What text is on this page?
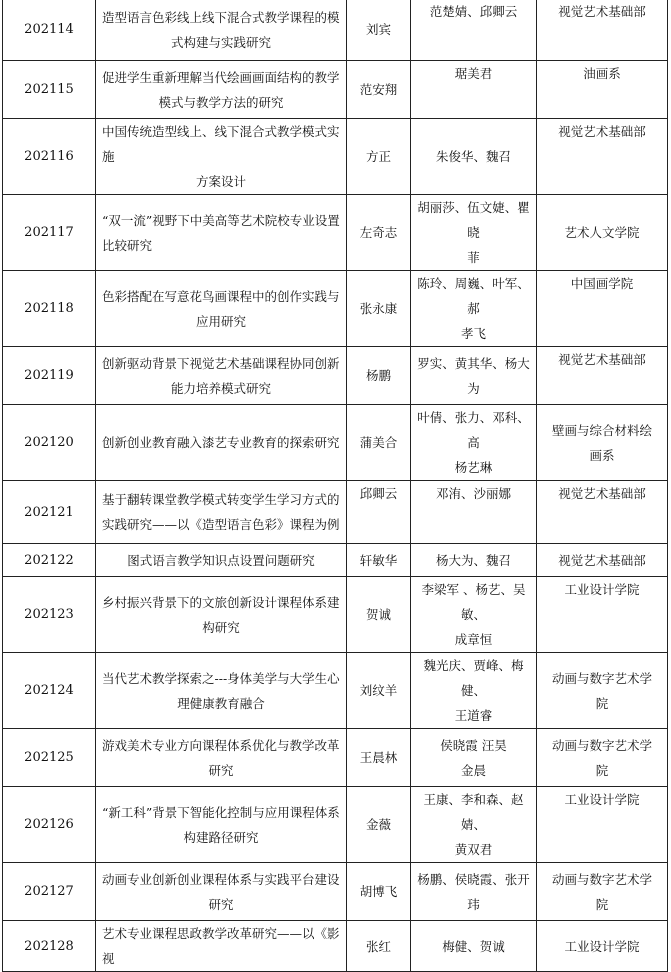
202114	造型语言色彩线上线下混合式教学课程的模
式构建与实践研究	刘宾	范楚婧、邱卿云	视觉艺术基础部

202115	促进学生重新理解当代绘画画面结构的教学
模式与教学方法的研究	范安翔	琚美君	油画系

202116	中国传统造型线上、线下混合式教学模式实施
方案设计	方正	朱俊华、魏召	视觉艺术基础部

202117	“双一流”视野下中美高等艺术院校专业设置
比较研究	左奇志	胡丽莎、伍文婕、瞿晓
菲	艺术人文学院

202118	色彩搭配在写意花鸟画课程中的创作实践与
应用研究	张永康	陈玲、周巍、叶军、郝
孝飞	中国画学院

202119	创新驱动背景下视觉艺术基础课程协同创新
能力培养模式研究	杨鹏	罗实、黄其华、杨大为	视觉艺术基础部

202120	创新创业教育融入漆艺专业教育的探索研究	蒲美合	叶倩、张力、邓科、高
杨艺琳	壁画与综合材料绘
画系

202121	基于翻转课堂教学模式转变学生学习方式的
实践研究——以《造型语言色彩》课程为例	邱卿云	邓洧、沙丽娜	视觉艺术基础部

202122	图式语言教学知识点设置问题研究	轩敏华	杨大为、魏召	视觉艺术基础部

202123	乡村振兴背景下的文旅创新设计课程体系建
构研究	贺诚	李梁军 、杨艺、吴敏、
成章恒	工业设计学院

202124	当代艺术教学探索之---身体美学与大学生心
理健康教育融合	刘纹羊	魏光庆、贾峰、梅健、
王道睿	动画与数字艺术学
院

202125	游戏美术专业方向课程体系优化与教学改革
研究	王晨林	侯晓霞 汪昊
金晨	动画与数字艺术学
院

202126	“新工科”背景下智能化控制与应用课程体系
构建路径研究	金薇	王康、李和森、赵婧、
黄双君	工业设计学院

202127	动画专业创新创业课程体系与实践平台建设
研究	胡博飞	杨鹏、侯晓霞、张开玮	动画与数字艺术学
院

202128	艺术专业课程思政教学改革研究——以《影视	张红	梅健、贺诚	工业设计学院
